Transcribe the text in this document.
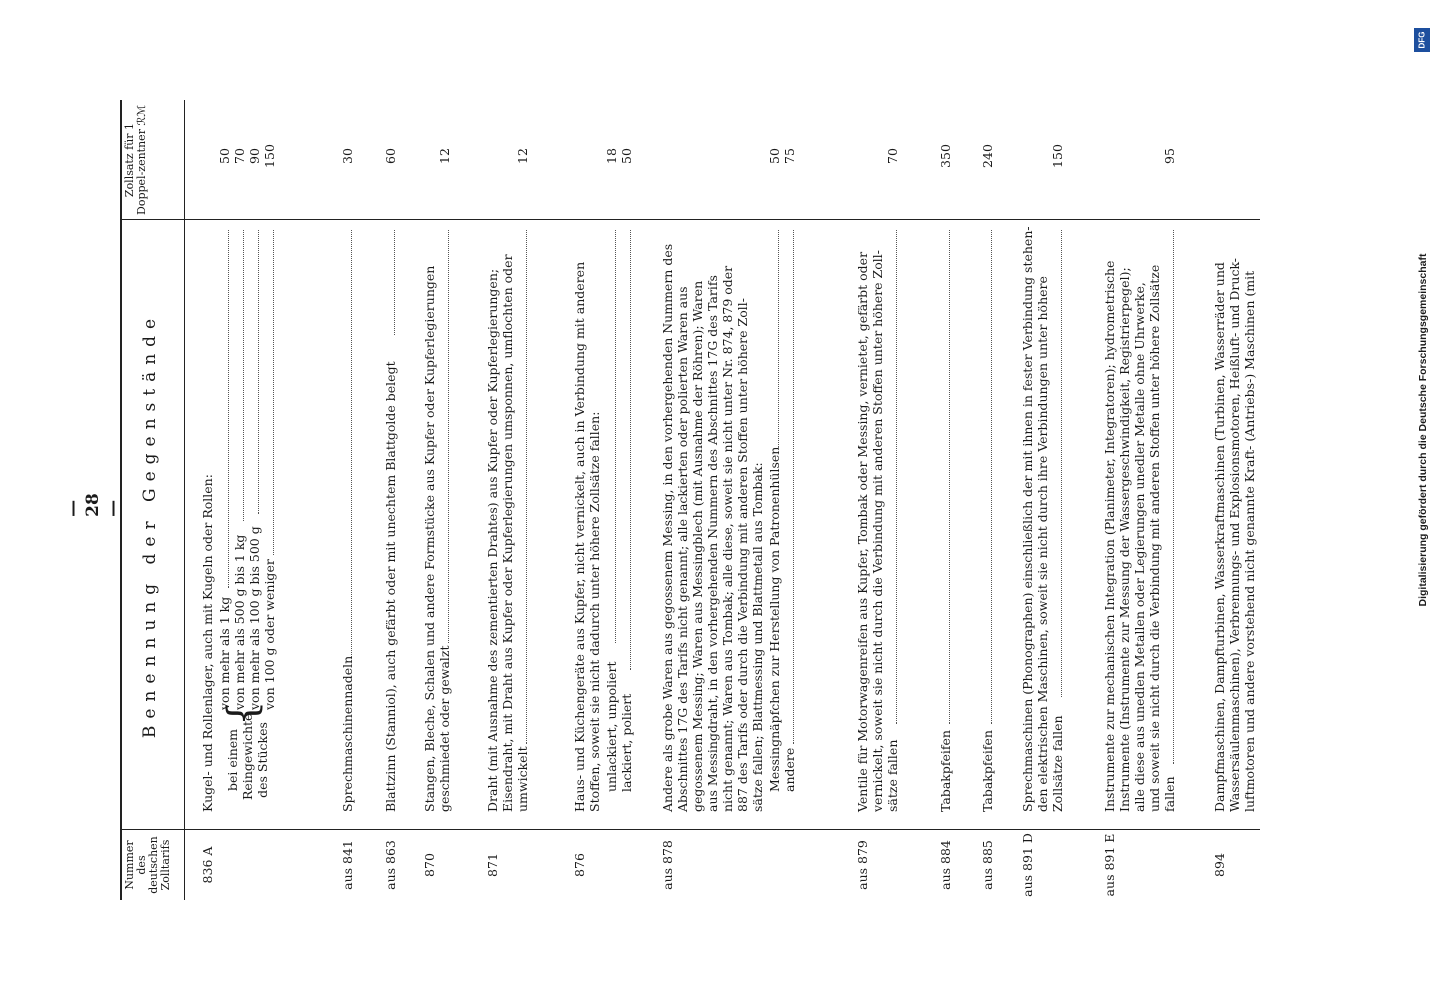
— 28 —
Nummer des deutschen Zolltarifs
Benennung der Gegenstände
Zollsatz für 1 Doppel-zentner ℛℳ
836 A
Kugel- und Rollenlager, auch mit Kugeln oder Rollen: bei einem Reingewichte des Stückes
{
von mehr als 1 kg
50
von mehr als 500 g bis 1 kg
70
von mehr als 100 g bis 500 g
90
von 100 g oder weniger
150
aus 841
Sprechmaschinennadeln
30
aus 863
Blattzinn (Stanniol), auch gefärbt oder mit unechtem Blattgolde belegt
60
870
Stangen, Bleche, Schalen und andere Formstücke aus Kupfer oder Kupferlegierungen geschmiedet oder gewalzt
12
871
Draht (mit Ausnahme des zementierten Drahtes) aus Kupfer oder Kupferlegierungen; Eisendraht, mit Draht aus Kupfer oder Kupferlegierungen umsponnen, umflochten oder umwickelt
12
876
Haus- und Küchengeräte aus Kupfer, nicht vernickelt, auch in Verbindung mit anderen Stoffen, soweit sie nicht dadurch unter höhere Zollsätze fallen: unlackiert, unpoliert
18
lackiert, poliert
50
aus 878
Andere als grobe Waren aus gegossenem Messing, in den vorhergehenden Nummern des Abschnittes 17G des Tarifs nicht genannt; alle lackierten oder polierten Waren aus gegossenem Messing; Waren aus Messingblech (mit Ausnahme der Röhren); Waren aus Messingdraht, in den vorhergehenden Nummern des Abschnittes 17G des Tarifs nicht genannt; Waren aus Tombak; alle diese, soweit sie nicht unter Nr. 874, 879 oder 887 des Tarifs oder durch die Verbindung mit anderen Stoffen unter höhere Zoll- sätze fallen; Blattmessing und Blattmetall aus Tombak: Messingnäpfchen zur Herstellung von Patronenhülsen
50
andere
75
aus 879
Ventile für Motorwagenreifen aus Kupfer, Tombak oder Messing, vernietet, gefärbt oder vernickelt, soweit sie nicht durch die Verbindung mit anderen Stoffen unter höhere Zoll- sätze fallen
70
aus 884
Tabakpfeifen
350
aus 885
Tabakpfeifen
240
aus 891 D
Sprechmaschinen (Phonographen) einschließlich der mit ihnen in fester Verbindung stehen- den elektrischen Maschinen, soweit sie nicht durch ihre Verbindungen unter höhere Zollsätze fallen
150
aus 891 E
Instrumente zur mechanischen Integration (Planimeter, Integratoren); hydrometrische Instrumente (Instrumente zur Messung der Wassergeschwindigkeit, Registrierpegel); alle diese aus unedlen Metallen oder Legierungen unedler Metalle ohne Uhrwerke, und soweit sie nicht durch die Verbindung mit anderen Stoffen unter höhere Zollsätze fallen
95
894
Dampfmaschinen, Dampfturbinen, Wasserkraftmaschinen (Turbinen, Wasserräder und Wassersäulenmaschinen), Verbrennungs- und Explosionsmotoren, Heißluft- und Druck- luftmotoren und andere vorstehend nicht genannte Kraft- (Antriebs-) Maschinen (mit
DFG
Digitalisierung gefördert durch die Deutsche Forschungsgemeinschaft
